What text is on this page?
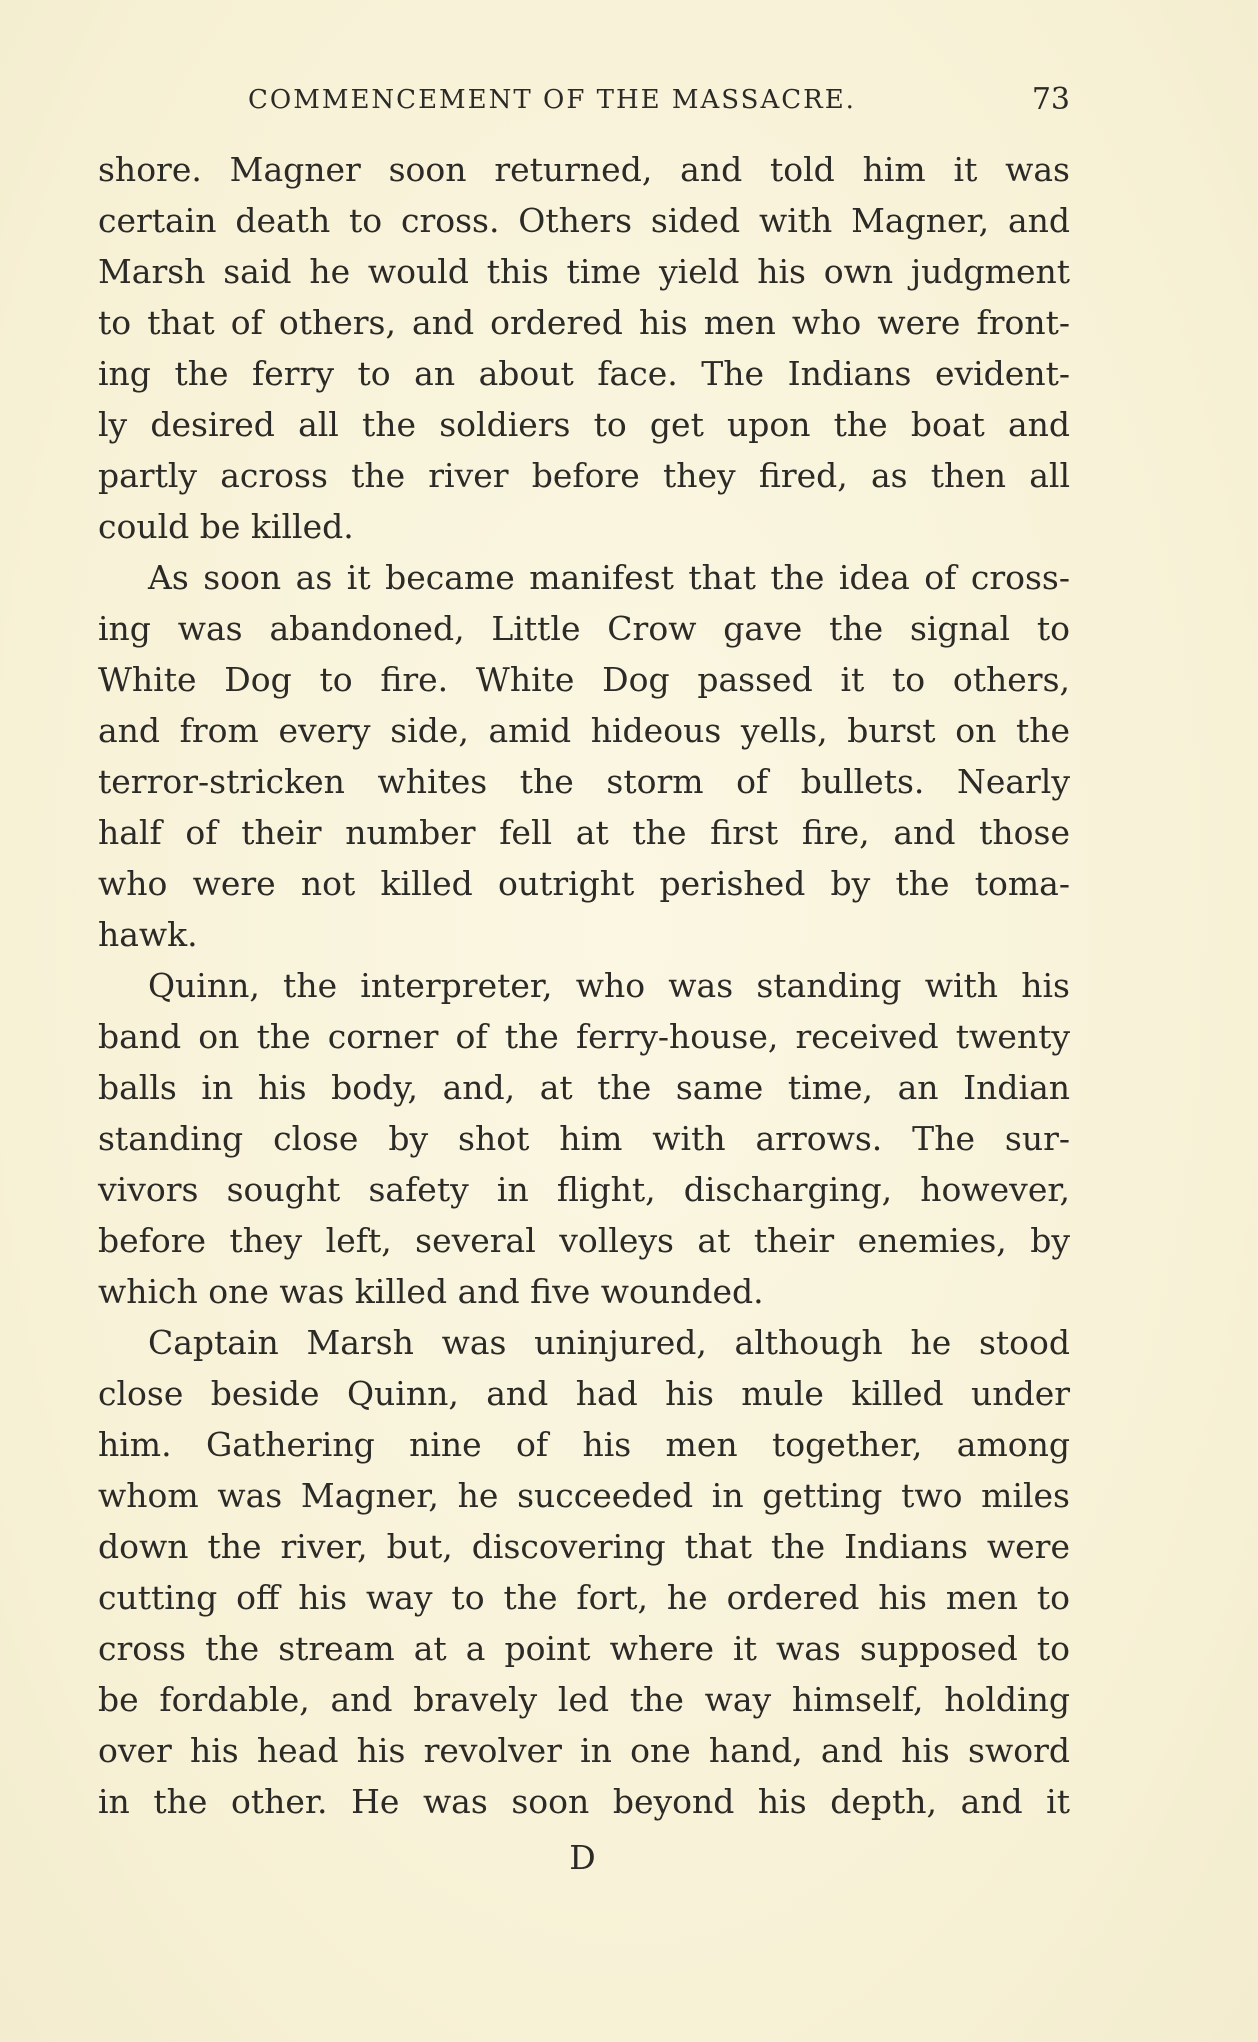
COMMENCEMENT OF THE MASSACRE.	73
shore. Magner soon returned, and told him it was
certain death to cross. Others sided with Magner, and
Marsh said he would this time yield his own judgment
to that of others, and ordered his men who were front-
ing the ferry to an about face. The Indians evident-
ly desired all the soldiers to get upon the boat and
partly across the river before they fired, as then all
could be killed.
As soon as it became manifest that the idea of cross-
ing was abandoned, Little Crow gave the signal to
White Dog to fire. White Dog passed it to others,
and from every side, amid hideous yells, burst on the
terror-stricken whites the storm of bullets. Nearly
half of their number fell at the first fire, and those
who were not killed outright perished by the toma-
hawk.
Quinn, the interpreter, who was standing with his
band on the corner of the ferry-house, received twenty
balls in his body, and, at the same time, an Indian
standing close by shot him with arrows. The sur-
vivors sought safety in flight, discharging, however,
before they left, several volleys at their enemies, by
which one was killed and five wounded.
Captain Marsh was uninjured, although he stood
close beside Quinn, and had his mule killed under
him. Gathering nine of his men together, among
whom was Magner, he succeeded in getting two miles
down the river, but, discovering that the Indians were
cutting off his way to the fort, he ordered his men to
cross the stream at a point where it was supposed to
be fordable, and bravely led the way himself, holding
over his head his revolver in one hand, and his sword
in the other. He was soon beyond his depth, and it
D
